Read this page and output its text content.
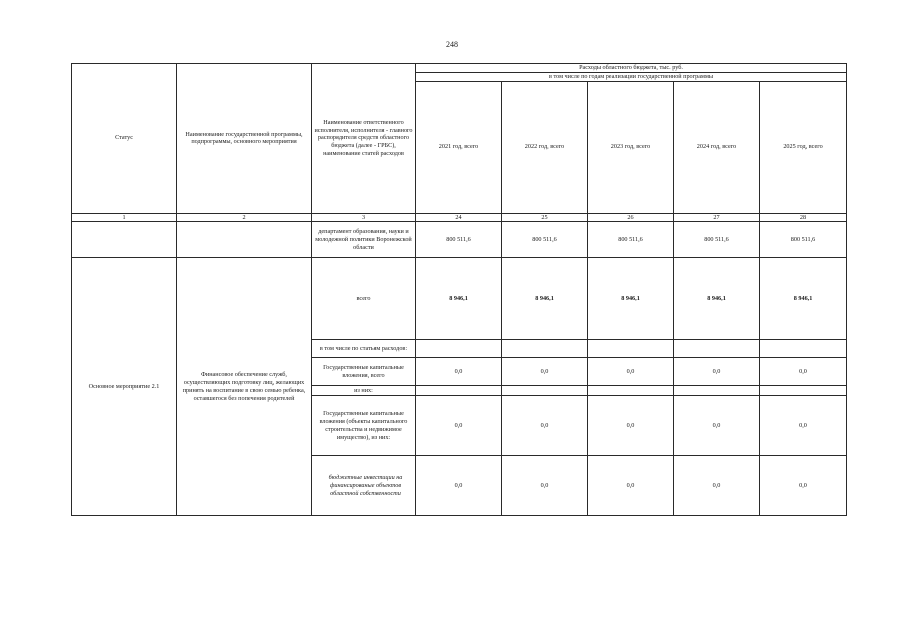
248
Статус	Наименование государственной программы, подпрограммы, основного мероприятия	Наименование ответственного исполнителя, исполнителя - главного распорядителя средств областного бюджета (далее - ГРБС), наименование статей расходов	Расходы областного бюджета, тыс. руб.				
			в том числе по годам реализации государственной программы				
			2021 год, всего	2022 год, всего	2023 год, всего	2024 год, всего	2025 год, всего
1	2	3	24	25	26	27	28
		департамент образования, науки и молодежной политики Воронежской области	800 511,6	800 511,6	800 511,6	800 511,6	800 511,6
Основное мероприятие 2.1	Финансовое обеспечение служб, осуществляющих подготовку лиц, желающих принять на воспитание в свою семью ребенка, оставшегося без попечения родителей	всего	8 946,1	8 946,1	8 946,1	8 946,1	8 946,1
		в том числе по статьям расходов:					
		Государственные капитальные вложения, всего	0,0	0,0	0,0	0,0	0,0
		из них:					
		Государственные капитальные вложения (объекты капитального строительства и недвижимое имущество), из них:	0,0	0,0	0,0	0,0	0,0
		бюджетные инвестиции на финансированые объектов областной собственности	0,0	0,0	0,0	0,0	0,0
